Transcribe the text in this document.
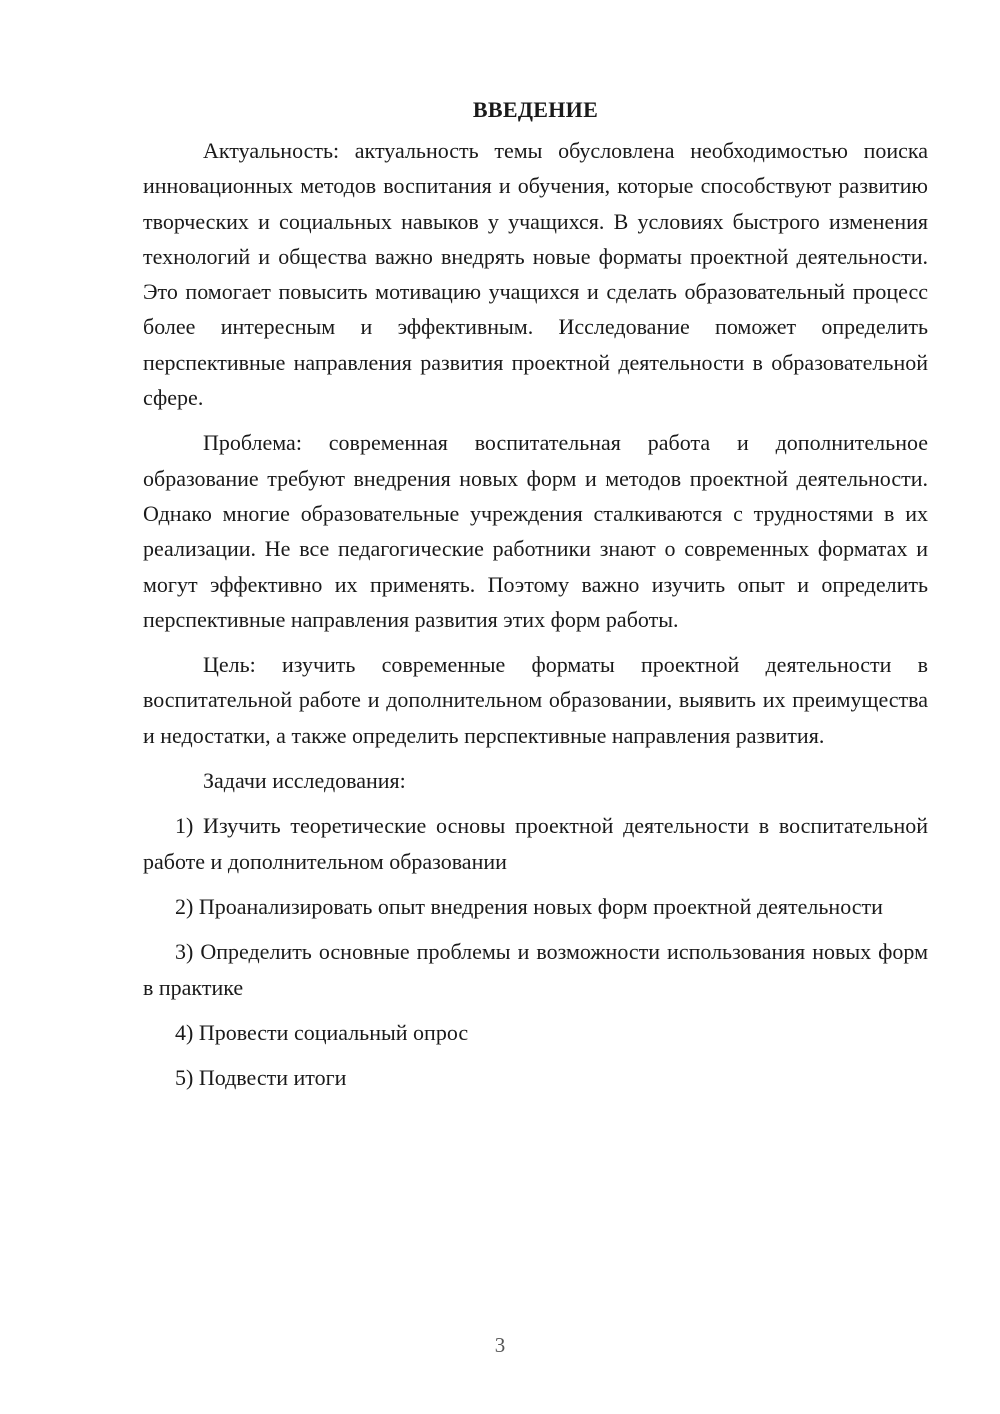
ВВЕДЕНИЕ

Актуальность: актуальность темы обусловлена необходимостью поиска инновационных методов воспитания и обучения, которые способствуют развитию творческих и социальных навыков у учащихся. В условиях быстрого изменения технологий и общества важно внедрять новые форматы проектной деятельности. Это помогает повысить мотивацию учащихся и сделать образовательный процесс более интересным и эффективным. Исследование поможет определить перспективные направления развития проектной деятельности в образовательной сфере.

Проблема: современная воспитательная работа и дополнительное образование требуют внедрения новых форм и методов проектной деятельности. Однако многие образовательные учреждения сталкиваются с трудностями в их реализации. Не все педагогические работники знают о современных форматах и могут эффективно их применять. Поэтому важно изучить опыт и определить перспективные направления развития этих форм работы.

Цель: изучить современные форматы проектной деятельности в воспитательной работе и дополнительном образовании, выявить их преимущества и недостатки, а также определить перспективные направления развития.

Задачи исследования:

1) Изучить теоретические основы проектной деятельности в воспитательной работе и дополнительном образовании

2) Проанализировать опыт внедрения новых форм проектной деятельности

3) Определить основные проблемы и возможности использования новых форм в практике

4) Провести социальный опрос

5) Подвести итоги

3
